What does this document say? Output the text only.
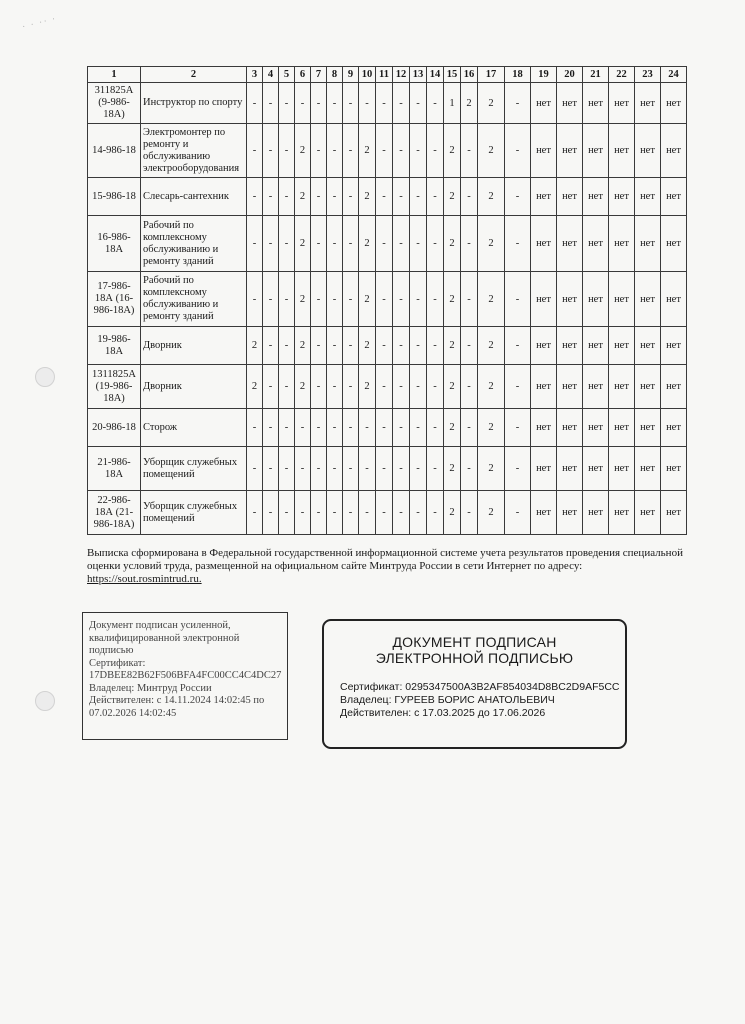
· · ·· ·
1	2	3	4	5	6	7	8	9	10	11	12	13	14	15	16	17	18	19	20	21	22	23	24
311825А (9-986-18А)	Инструктор по спорту	-	-	-	-	-	-	-	-	-	-	-	-	1	2	2	-	нет	нет	нет	нет	нет	нет
14-986-18	Электромонтер по ремонту и обслуживанию электрооборудования	-	-	-	2	-	-	-	2	-	-	-	-	2	-	2	-	нет	нет	нет	нет	нет	нет
15-986-18	Слесарь-сантехник	-	-	-	2	-	-	-	2	-	-	-	-	2	-	2	-	нет	нет	нет	нет	нет	нет
16-986-18А	Рабочий по комплексному обслуживанию и ремонту зданий	-	-	-	2	-	-	-	2	-	-	-	-	2	-	2	-	нет	нет	нет	нет	нет	нет
17-986-18А (16-986-18А)	Рабочий по комплексному обслуживанию и ремонту зданий	-	-	-	2	-	-	-	2	-	-	-	-	2	-	2	-	нет	нет	нет	нет	нет	нет
19-986-18А	Дворник	2	-	-	2	-	-	-	2	-	-	-	-	2	-	2	-	нет	нет	нет	нет	нет	нет
1311825А (19-986-18А)	Дворник	2	-	-	2	-	-	-	2	-	-	-	-	2	-	2	-	нет	нет	нет	нет	нет	нет
20-986-18	Сторож	-	-	-	-	-	-	-	-	-	-	-	-	2	-	2	-	нет	нет	нет	нет	нет	нет
21-986-18А	Уборщик служебных помещений	-	-	-	-	-	-	-	-	-	-	-	-	2	-	2	-	нет	нет	нет	нет	нет	нет
22-986-18А (21-986-18А)	Уборщик служебных помещений	-	-	-	-	-	-	-	-	-	-	-	-	2	-	2	-	нет	нет	нет	нет	нет	нет
Выписка сформирована в Федеральной государственной информационной системе учета результатов проведения специальной оценки условий труда, размещенной на официальном сайте Минтруда России в сети Интернет по адресу: https://sout.rosmintrud.ru.
Документ подписан усиленной, квалифицированной электронной подписью
Сертификат:
17DBEE82B62F506BFA4FC00CC4C4DC27
Владелец: Минтруд России
Действителен: с 14.11.2024 14:02:45 по 07.02.2026 14:02:45
ДОКУМЕНТ ПОДПИСАН
ЭЛЕКТРОННОЙ ПОДПИСЬЮ
Сертификат: 0295347500A3B2AF854034D8BC2D9AF5CC
Владелец: ГУРЕЕВ БОРИС АНАТОЛЬЕВИЧ
Действителен: с 17.03.2025 до 17.06.2026
